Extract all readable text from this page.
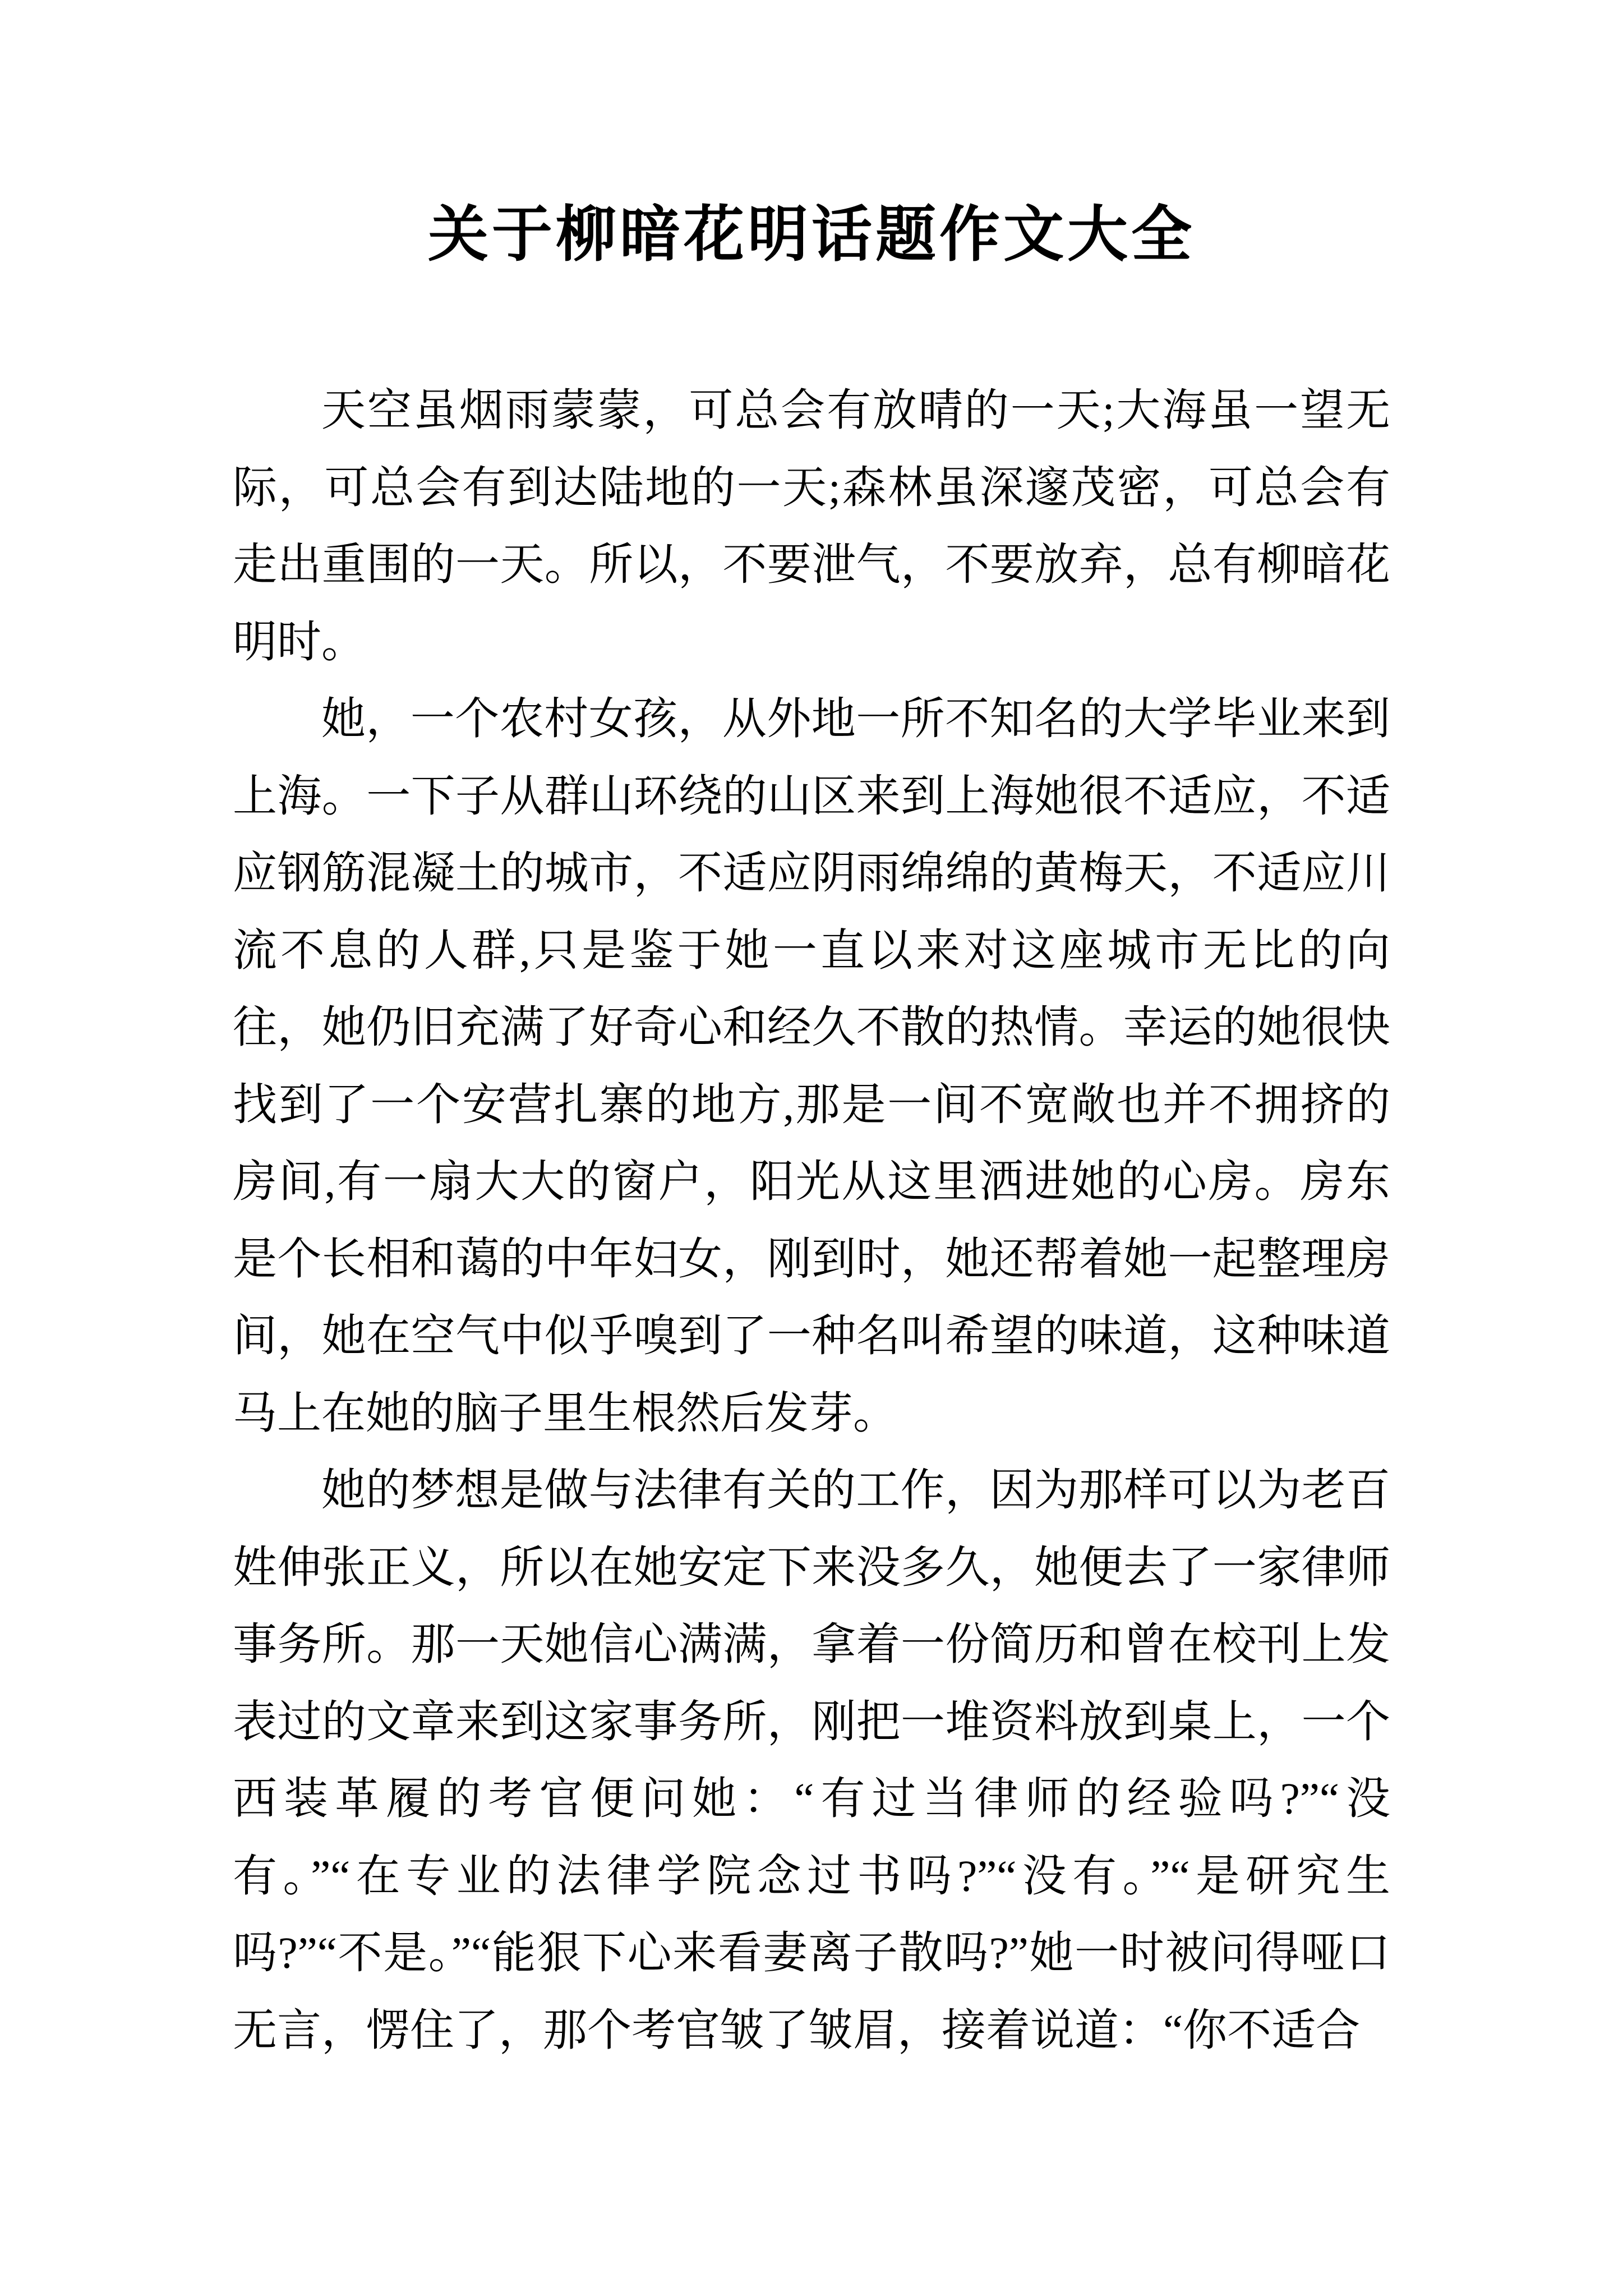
关于柳暗花明话题作文大全

天空虽烟雨蒙蒙，可总会有放晴的一天;大海虽一望无际，可总会有到达陆地的一天;森林虽深邃茂密，可总会有走出重围的一天。所以，不要泄气，不要放弃，总有柳暗花明时。

她，一个农村女孩，从外地一所不知名的大学毕业来到上海。一下子从群山环绕的山区来到上海她很不适应，不适应钢筋混凝土的城市，不适应阴雨绵绵的黄梅天，不适应川流不息的人群,只是鉴于她一直以来对这座城市无比的向往，她仍旧充满了好奇心和经久不散的热情。幸运的她很快找到了一个安营扎寨的地方,那是一间不宽敞也并不拥挤的房间,有一扇大大的窗户，阳光从这里洒进她的心房。房东是个长相和蔼的中年妇女，刚到时，她还帮着她一起整理房间，她在空气中似乎嗅到了一种名叫希望的味道，这种味道马上在她的脑子里生根然后发芽。

她的梦想是做与法律有关的工作，因为那样可以为老百姓伸张正义，所以在她安定下来没多久，她便去了一家律师事务所。那一天她信心满满，拿着一份简历和曾在校刊上发表过的文章来到这家事务所，刚把一堆资料放到桌上，一个西装革履的考官便问她：“有过当律师的经验吗?”“没有。”“在专业的法律学院念过书吗?”“没有。”“是研究生吗?”“不是。”“能狠下心来看妻离子散吗?”她一时被问得哑口无言，愣住了，那个考官皱了皱眉，接着说道：“你不适合
